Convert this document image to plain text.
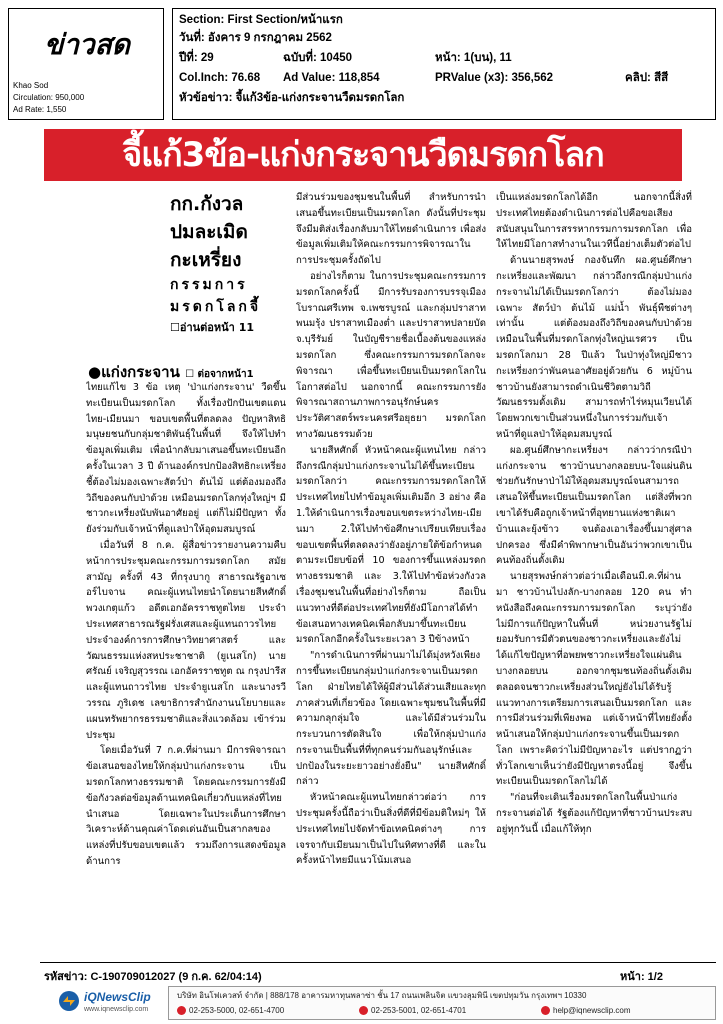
ข่าวสด
Khao Sod
Circulation: 950,000
Ad Rate: 1,550
Section: First Section/หน้าแรก
วันที่: อังคาร 9 กรกฎาคม 2562
ปีที่: 29	ฉบับที่: 10450	หน้า: 1(บน), 11
Col.Inch: 76.68 Ad Value: 118,854	PRValue (x3): 356,562	คลิป: สีสี
หัวข้อข่าว: จี้แก้3ข้อ-แก่งกระจานวืดมรดกโลก
จี้แก้3ข้อ-แก่งกระจานวืดมรดกโลก
กก.กังวล
ปมละเมิด
กะเหรี่ยง
กรรมการ
มรดกโลกจี้
☐อ่านต่อหน้า 11
●แก่งกระจาน ☐ ต่อจากหน้า1

ไทยแก้ไข 3 ข้อ เหตุ 'ป่าแก่งกระจาน' วืดขึ้นทะเบียนเป็นมรดกโลก ทั้งเรื่องปักปันเขตแดนไทย-เมียนมา ขอบเขตพื้นที่ตลดลง ปัญหาสิทธิมนุษยชนกับกลุ่มชาติพันธุ์ในพื้นที่ จึงให้ไปทำข้อมูลเพิ่มเติม เพื่อนำกลับมาเสนอขึ้นทะเบียนอีกครั้งในเวลา 3 ปี ด้านองค์กรปกป้องสิทธิกะเหรี่ยง ชี้ต้องไม่มองเฉพาะสัตว์ป่า ต้นไม้ แต่ต้องมองถึงวิถีของคนกับป่าด้วย เหมือนมรดกโลกทุ่งใหญ่ฯ มีชาวกะเหรี่ยงนับพันอาศัยอยู่ แต่ก็ไม่มีปัญหา ทั้งยังร่วมกับเจ้าหน้าที่ดูแลป่าให้อุดมสมบูรณ์

เมื่อวันที่ 8 ก.ค. ผู้สื่อข่าวรายงานความคืบหน้าการประชุมคณะกรรมการมรดกโลก สมัยสามัญ ครั้งที่ 43 ที่กรุงบากู สาธารณรัฐอาเซอร์ไบจาน คณะผู้แทนไทยนำโดยนายสีหศักดิ์ พวงเกตุแก้ว อดีตเอกอัครราชทูตไทย ประจำประเทศสาธารณรัฐฝรั่งเศสและผู้แทนถาวรไทยประจำองค์การการศึกษาวิทยาศาสตร์ และวัฒนธรรมแห่งสหประชาชาติ (ยูเนสโก) นายศรัณย์ เจริญสุวรรณ เอกอัครราชทูต ณ กรุงปารีส และผู้แทนถาวรไทย ประจำยูเนสโก และนางรวีวรรณ ภูริเดช เลขาธิการสำนักงานนโยบายและแผนทรัพยากรธรรมชาติและสิ่งแวดล้อม เข้าร่วมประชุม

โดยเมื่อวันที่ 7 ก.ค.ที่ผ่านมา มีการพิจารณาข้อเสนอของไทยให้กลุ่มป่าแก่งกระจาน เป็นมรดกโลกทางธรรมชาติ โดยคณะกรรมการยังมีข้อกังวลต่อข้อมูลด้านเทคนิคเกี่ยวกับแหล่งที่ไทยนำเสนอ โดยเฉพาะในประเด็นการศึกษาวิเคราะห์ด้านคุณค่าโดดเด่นอันเป็นสากลของแหล่งที่ปรับขอบเขตแล้ว รวมถึงการแสดงข้อมูลด้านการ

มีส่วนร่วมของชุมชนในพื้นที่ สำหรับการนำเสนอขึ้นทะเบียนเป็นมรดกโลก ดังนั้นที่ประชุมจึงมีมติส่งเรื่องกลับมาให้ไทยดำเนินการ เพื่อส่งข้อมูลเพิ่มเติมให้คณะกรรมการพิจารณาในการประชุมครั้งถัดไป

อย่างไรก็ตาม ในการประชุมคณะกรรมการมรดกโลกครั้งนี้ มีการรับรองการบรรจุเมืองโบราณศรีเทพ จ.เพชรบูรณ์ และกลุ่มปราสาทพนมรุ้ง ปราสาทเมืองต่ำ และปราสาทปลายบัด จ.บุรีรัมย์ ในบัญชีรายชื่อเบื้องต้นของแหล่งมรดกโลก ซึ่งคณะกรรมการมรดกโลกจะพิจารณา เพื่อขึ้นทะเบียนเป็นมรดกโลกในโอกาสต่อไป นอกจากนี้ คณะกรรมการยังพิจารณาสถานภาพการอนุรักษ์นครประวัติศาสตร์พระนครศรีอยุธยา มรดกโลกทางวัฒนธรรมด้วย

นายสีหศักดิ์ หัวหน้าคณะผู้แทนไทย กล่าวถึงกรณีกลุ่มป่าแก่งกระจานไม่ได้ขึ้นทะเบียนมรดกโลกว่า คณะกรรมการมรดกโลกให้ประเทศไทยไปทำข้อมูลเพิ่มเติมอีก 3 อย่าง คือ 1.ให้ดำเนินการเรื่องขอบเขตระหว่างไทย-เมียนมา 2.ให้ไปทำข้อศึกษาเปรียบเทียบเรื่องขอบเขตพื้นที่ตลดลงว่ายังอยู่ภายใต้ข้อกำหนดตามระเบียบข้อที่ 10 ของการขึ้นแหล่งมรดกทางธรรมชาติ และ 3.ให้ไปทำข้อห่วงกังวลเรื่องชุมชนในพื้นที่อย่างไรก็ตาม ถือเป็นแนวทางที่ดีต่อประเทศไทยที่ยังมีโอกาสได้ทำข้อเสนอทางเทคนิคเพื่อกลับมาขึ้นทะเบียนมรดกโลกอีกครั้งในระยะเวลา 3 ปีข้างหน้า

"การดำเนินการที่ผ่านมาไม่ได้มุ่งหวังเพียงการขึ้นทะเบียนกลุ่มป่าแก่งกระจานเป็นมรดกโลก ฝ่ายไทยได้ให้ผู้มีส่วนได้ส่วนเสียและทุกภาคส่วนที่เกี่ยวข้อง โดยเฉพาะชุมชนในพื้นที่มีความกลุกลุ่มใจ และได้มีส่วนร่วมในกระบวนการตัดสินใจ เพื่อให้กลุ่มป่าแก่งกระจานเป็นพื้นที่ที่ทุกคนร่วมกันอนุรักษ์และปกป้องในระยะยาวอย่างยั่งยืน" นายสีหศักดิ์กล่าว

หัวหน้าคณะผู้แทนไทยกล่าวต่อว่า การประชุมครั้งนี้ถือว่าเป็นสิ่งที่ดีที่มีข้อมติใหม่ๆ ให้ประเทศไทยไปจัดทำข้อเทคนิคต่างๆ การเจรจากับเมียนมาเป็นไปในทิศทางที่ดี และในครั้งหน้าไทยมีแนวโน้มเสนอ

เป็นแหล่งมรดกโลกได้อีก นอกจากนี้สิ่งที่ประเทศไทยต้องดำเนินการต่อไปคือขอเสียงสนับสนุนในการสรรหากรรมการมรดกโลก เพื่อให้ไทยมีโอกาสทำงานในเวทีนี้อย่างเต็มตัวต่อไป

ด้านนายสุรพงษ์ กองจันทึก ผอ.ศูนย์ศึกษากะเหรี่ยงและพัฒนา กล่าวถึงกรณีกลุ่มป่าแก่งกระจานไม่ได้เป็นมรดกโลกว่า ต้องไม่มองเฉพาะ สัตว์ป่า ต้นไม้ แม่น้ำ พันธุ์พืชต่างๆ เท่านั้น แต่ต้องมองถึงวิถีของคนกับป่าด้วย เหมือนในพื้นที่มรดกโลกทุ่งใหญ่นเรศวร เป็นมรดกโลกมา 28 ปีแล้ว ในป่าทุ่งใหญ่มีชาวกะเหรี่ยงกว่าพันคนอาศัยอยู่ด้วยกัน 6 หมู่บ้าน ชาวบ้านยังสามารถดำเนินชีวิตตามวิถีวัฒนธรรมดั้งเดิม สามารถทำไร่หมุนเวียนได้โดยพวกเขาเป็นส่วนหนึ่งในการร่วมกับเจ้าหน้าที่ดูแลป่าให้อุดมสมบูรณ์

ผอ.ศูนย์ศึกษากะเหรี่ยงฯ กล่าวว่ากรณีป่าแก่งกระจาน ชาวบ้านบางกลอยบน-ใจแผ่นดิน ช่วยกันรักษาป่าไม้ให้อุดมสมบูรณ์จนสามารถเสนอให้ขึ้นทะเบียนเป็นมรดกโลก แต่สิ่งที่พวกเขาได้รับคือถูกเจ้าหน้าที่อุทยานแห่งชาติเผาบ้านและยุ้งข้าว จนต้องเอาเรื่องขึ้นมาสู่ศาลปกครอง ซึ่งมีคำพิพากษาเป็นอันว่าพวกเขาเป็นคนท้องถิ่นดั้งเดิม

นายสุรพงษ์กล่าวต่อว่าเมื่อเดือนมี.ค.ที่ผ่านมา ชาวบ้านไปงลัก-บางกลอย 120 คน ทำหนังสือถึงคณะกรรมการมรดกโลก ระบุว่ายังไม่มีการแก้ปัญหาในพื้นที่ หน่วยงานรัฐไม่ยอมรับการมีตัวตนของชาวกะเหรี่ยงและยังไม่ได้แก้ไขปัญหาที่อพยพชาวกะเหรี่ยงใจแผ่นดินบางกลอยบน ออกจากชุมชนท้องถิ่นดั้งเดิม ตลอดจนชาวกะเหรี่ยงส่วนใหญ่ยังไม่ได้รับรู้แนวทางการเตรียมการเสนอเป็นมรดกโลก และการมีส่วนร่วมที่เพียงพอ แต่เจ้าหน้าที่ไทยยังตั้งหน้าเสนอให้กลุ่มป่าแก่งกระจานขึ้นเป็นมรดกโลก เพราะคิดว่าไม่มีปัญหาอะไร แต่ปรากฏว่าทั่วโลกเขาเห็นว่ายังมีปัญหาตรงนี้อยู่ จึงขึ้นทะเบียนเป็นมรดกโลกไม่ได้

"ก่อนที่จะเดินเรื่องมรดกโลกในพื้นป่าแก่งกระจานต่อได้ รัฐต้องแก้ปัญหาที่ชาวบ้านประสบอยู่ทุกวันนี้ เมื่อแก้ให้ทุก

รหัสข่าว: C-190709012027 (9 ก.ค. 62/04:14)	หน้า: 1/2
iQNewsClip
www.iqnewsclip.com
บริษัท อินโฟเควสท์ จำกัด | 888/178 อาคารมหาทุนพลาซ่า ชั้น 17 ถนนเพลินจิต แขวงลุมพินี เขตปทุมวัน กรุงเทพฯ 10330
02-253-5000, 02-651-4700	02-253-5001, 02-651-4701	help@iqnewsclip.com
